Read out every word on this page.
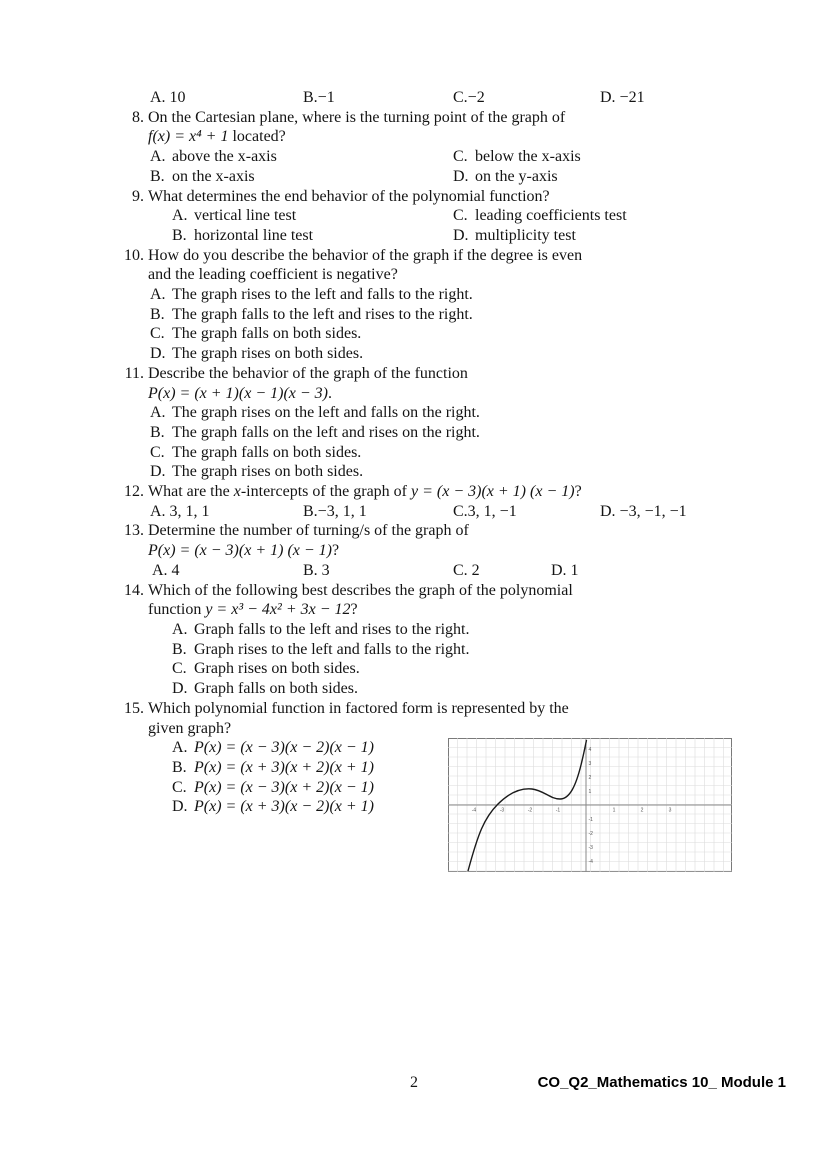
A. 10	B.−1	C.−2	D. −21
8. On the Cartesian plane, where is the turning point of the graph of
f(x) = x⁴ + 1 located?
A. above the x-axis	C. below the x-axis
B. on the x-axis	D. on the y-axis
9. What determines the end behavior of the polynomial function?
A. vertical line test	C. leading coefficients test
B. horizontal line test	D. multiplicity test
10. How do you describe the behavior of the graph if the degree is even
and the leading coefficient is negative?
A. The graph rises to the left and falls to the right.
B. The graph falls to the left and rises to the right.
C. The graph falls on both sides.
D. The graph rises on both sides.
11. Describe the behavior of the graph of the function
P(x) = (x + 1)(x − 1)(x − 3).
A. The graph rises on the left and falls on the right.
B. The graph falls on the left and rises on the right.
C. The graph falls on both sides.
D. The graph rises on both sides.
12. What are the x-intercepts of the graph of y = (x − 3)(x + 1) (x − 1)?
A. 3, 1, 1	B.−3, 1, 1	C.3, 1, −1	D. −3, −1, −1
13. Determine the number of turning/s of the graph of
P(x) = (x − 3)(x + 1) (x − 1)?
A. 4	B. 3	C. 2	D. 1
14. Which of the following best describes the graph of the polynomial
function y = x³ − 4x² + 3x − 12?
A. Graph falls to the left and rises to the right.
B. Graph rises to the left and falls to the right.
C. Graph rises on both sides.
D. Graph falls on both sides.
15. Which polynomial function in factored form is represented by the
given graph?
A. P(x) = (x − 3)(x − 2)(x − 1)
B. P(x) = (x + 3)(x + 2)(x + 1)
C. P(x) = (x − 3)(x + 2)(x − 1)
D. P(x) = (x + 3)(x − 2)(x + 1)	-4	-3	-2	-1	1	2	3
4
3
2
1
-1
-2
-3
-4
2	CO_Q2_Mathematics 10_ Module 1
